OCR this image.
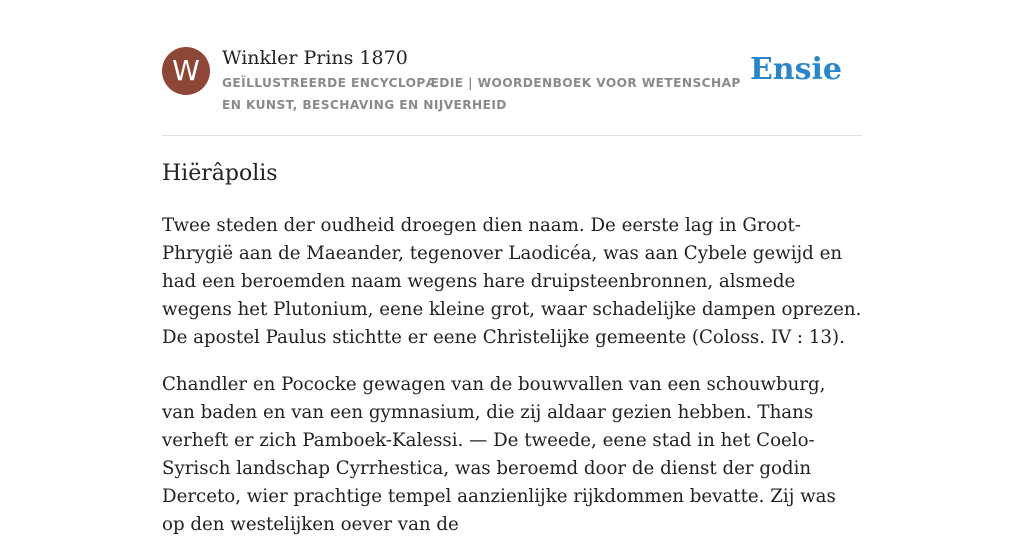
W	Winkler Prins 1870
GEÏLLUSTREERDE ENCYCLOPÆDIE | WOORDENBOEK VOOR WETENSCHAP EN KUNST, BESCHAVING EN NIJVERHEID
Ensie
Hiërâpolis

Twee steden der oudheid droegen dien naam. De eerste lag in Groot-Phrygië aan de Maeander, tegenover Laodicéa, was aan Cybele gewijd en had een beroemden naam wegens hare druipsteenbronnen, alsmede wegens het Plutonium, eene kleine grot, waar schadelijke dampen oprezen. De apostel Paulus stichtte er eene Christelijke gemeente (Coloss. IV : 13).

Chandler en Pococke gewagen van de bouwvallen van een schouwburg, van baden en van een gymnasium, die zij aldaar gezien hebben. Thans verheft er zich Pamboek-Kalessi. — De tweede, eene stad in het Coelo-Syrisch landschap Cyrrhestica, was beroemd door de dienst der godin Derceto, wier prachtige tempel aanzienlijke rijkdommen bevatte. Zij was op den westelijken oever van de
